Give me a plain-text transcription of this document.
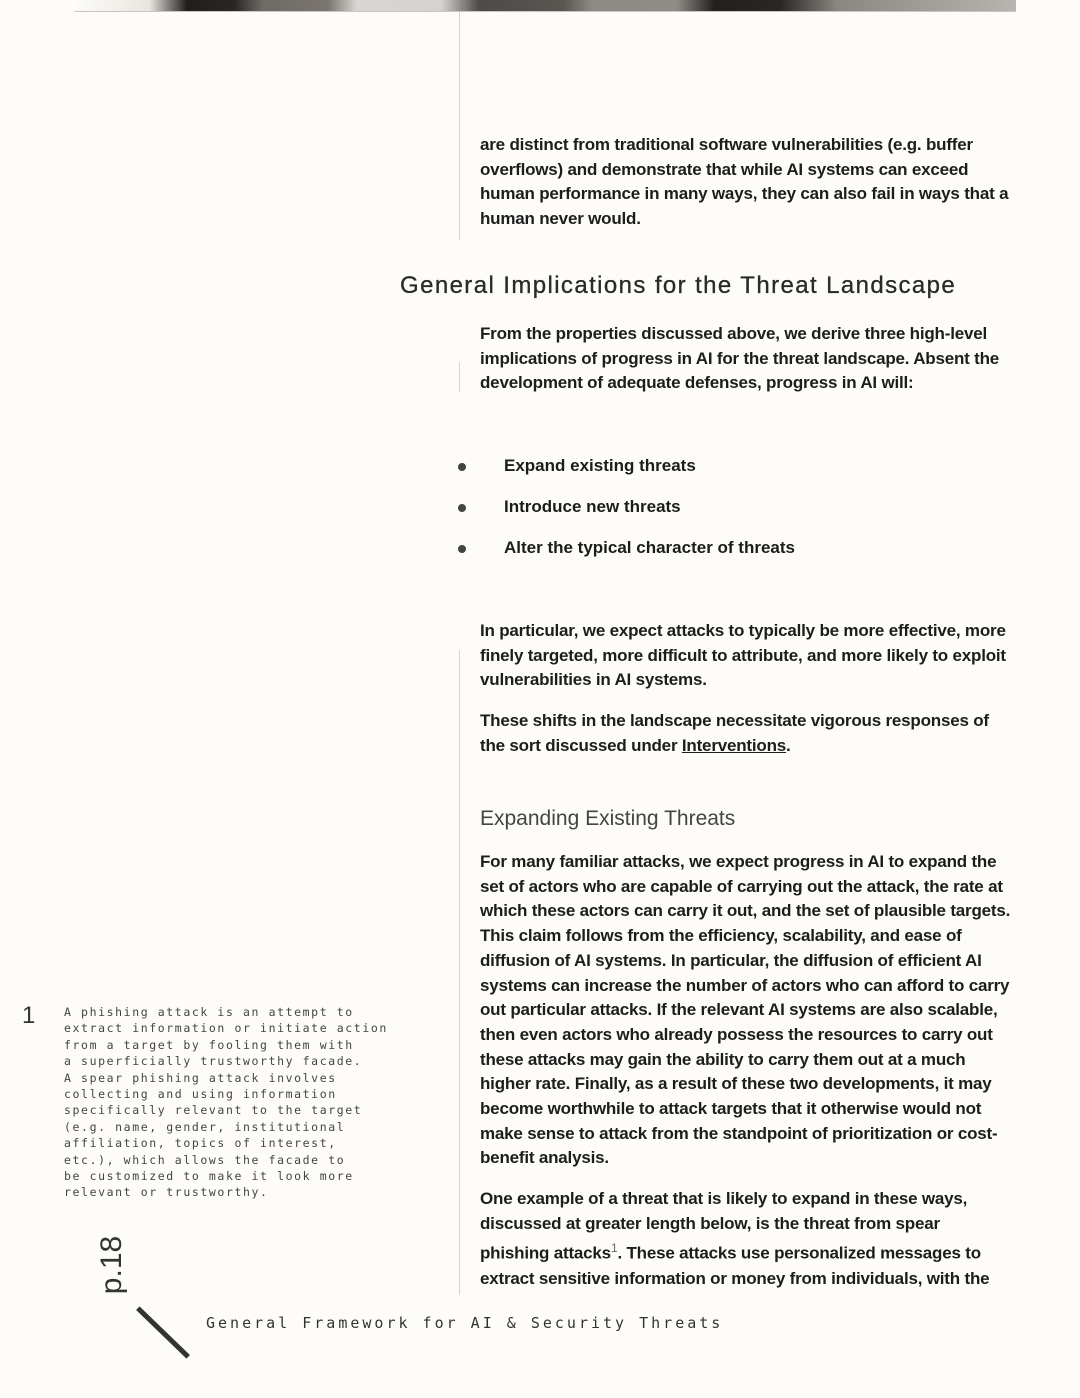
are distinct from traditional software vulnerabilities (e.g. buffer overflows) and demonstrate that while AI systems can exceed human performance in many ways, they can also fail in ways that a human never would.

General Implications for the Threat Landscape

From the properties discussed above, we derive three high-level implications of progress in AI for the threat landscape. Absent the development of adequate defenses, progress in AI will:

Expand existing threats
Introduce new threats
Alter the typical character of threats

In particular, we expect attacks to typically be more effective, more finely targeted, more difficult to attribute, and more likely to exploit vulnerabilities in AI systems.

These shifts in the landscape necessitate vigorous responses of the sort discussed under Interventions.

Expanding Existing Threats

For many familiar attacks, we expect progress in AI to expand the set of actors who are capable of carrying out the attack, the rate at which these actors can carry it out, and the set of plausible targets. This claim follows from the efficiency, scalability, and ease of diffusion of AI systems. In particular, the diffusion of efficient AI systems can increase the number of actors who can afford to carry out particular attacks. If the relevant AI systems are also scalable, then even actors who already possess the resources to carry out these attacks may gain the ability to carry them out at a much higher rate. Finally, as a result of these two developments, it may become worthwhile to attack targets that it otherwise would not make sense to attack from the standpoint of prioritization or cost-benefit analysis.

One example of a threat that is likely to expand in these ways, discussed at greater length below, is the threat from spear phishing attacks$^1$. These attacks use personalized messages to extract sensitive information or money from individuals, with the

1 A phishing attack is an attempt to
extract information or initiate action
from a target by fooling them with
a superficially trustworthy facade.
A spear phishing attack involves
collecting and using information
specifically relevant to the target
(e.g. name, gender, institutional
affiliation, topics of interest,
etc.), which allows the facade to
be customized to make it look more
relevant or trustworthy.
p.18
General Framework for AI & Security Threats
